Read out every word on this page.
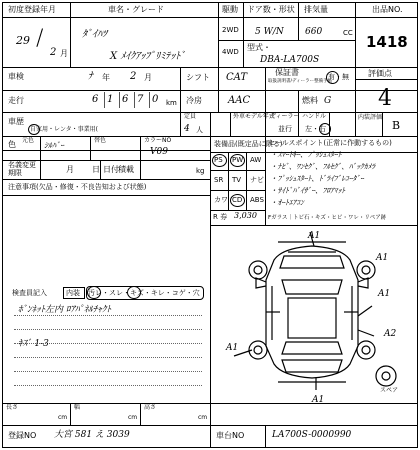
初度登録年月
29 /
2 月
車名・グレード
ﾀﾞｲﾊﾂ
X ﾒｲｸｱｯﾌﾟﾘﾐﾃｯﾄﾞ
駆動
2WD
4WD
ドア数・形状
5 W/N
排気量
660	CC
型式・
DBA-LA700S
出品NO.
1418
車検	ﾅ 年 2 月	シフト CAT	保証書
取扱説明書/ディーラー整備手帳
有・無 評価点
4
走行	6 1 6 7 0 km 冷房	AAC	燃料 G
車歴
自家用・レンタ・事業用(
定員
4 人
外車モデル年式
ディーラー
並行
ハンドル
左・右
内装評価
B
色 元色
ｼﾙﾊﾞｰ
替色	カラーNO
V09
装備品(既定品に限る)
セールスポイント(正常に作動するもの)
名義変更
期限	月 日 日付 積載	kg
注意事項(欠品・修復・不良告知および状態)
PS PW AW
SR TV ナビ
カワ CD ABS
R 券 3,030
・ｽﾏｰﾄｷｰ、ﾌﾟｯｼｭｽﾀｰﾄ
・ﾅﾋﾞ、ﾜﾝｾｸﾞ、ﾌﾙｾｸﾞ、ﾊﾞｯｸｶﾒﾗ
・ﾌﾟｯｼｭｽﾀｰﾄ、ﾄﾞﾗｲﾌﾞﾚｺｰﾀﾞｰ
・ｻｲﾄﾞﾊﾞｲｻﾞｰ、ﾌﾛｱﾏｯﾄ
・ｵｰﾄｴｱｺﾝ
Fガラス｜トビ石・キズ・ヒビ・ワレ・リペア跡
検査員記入	内装 汚レ・スレ・キズ・キレ・コゲ・穴
ﾎﾞﾝﾈｯﾄ左内 ﾛｱﾊﾟﾈﾙﾁｬｸﾄ
ｷｽﾞ 1-3
A1
A1
A1
A2
A1
A1
スペア
長さ
cm
幅
cm
高さ
cm
登録NO 大宮 581 え 3039	車台NO	LA700S-0000990
